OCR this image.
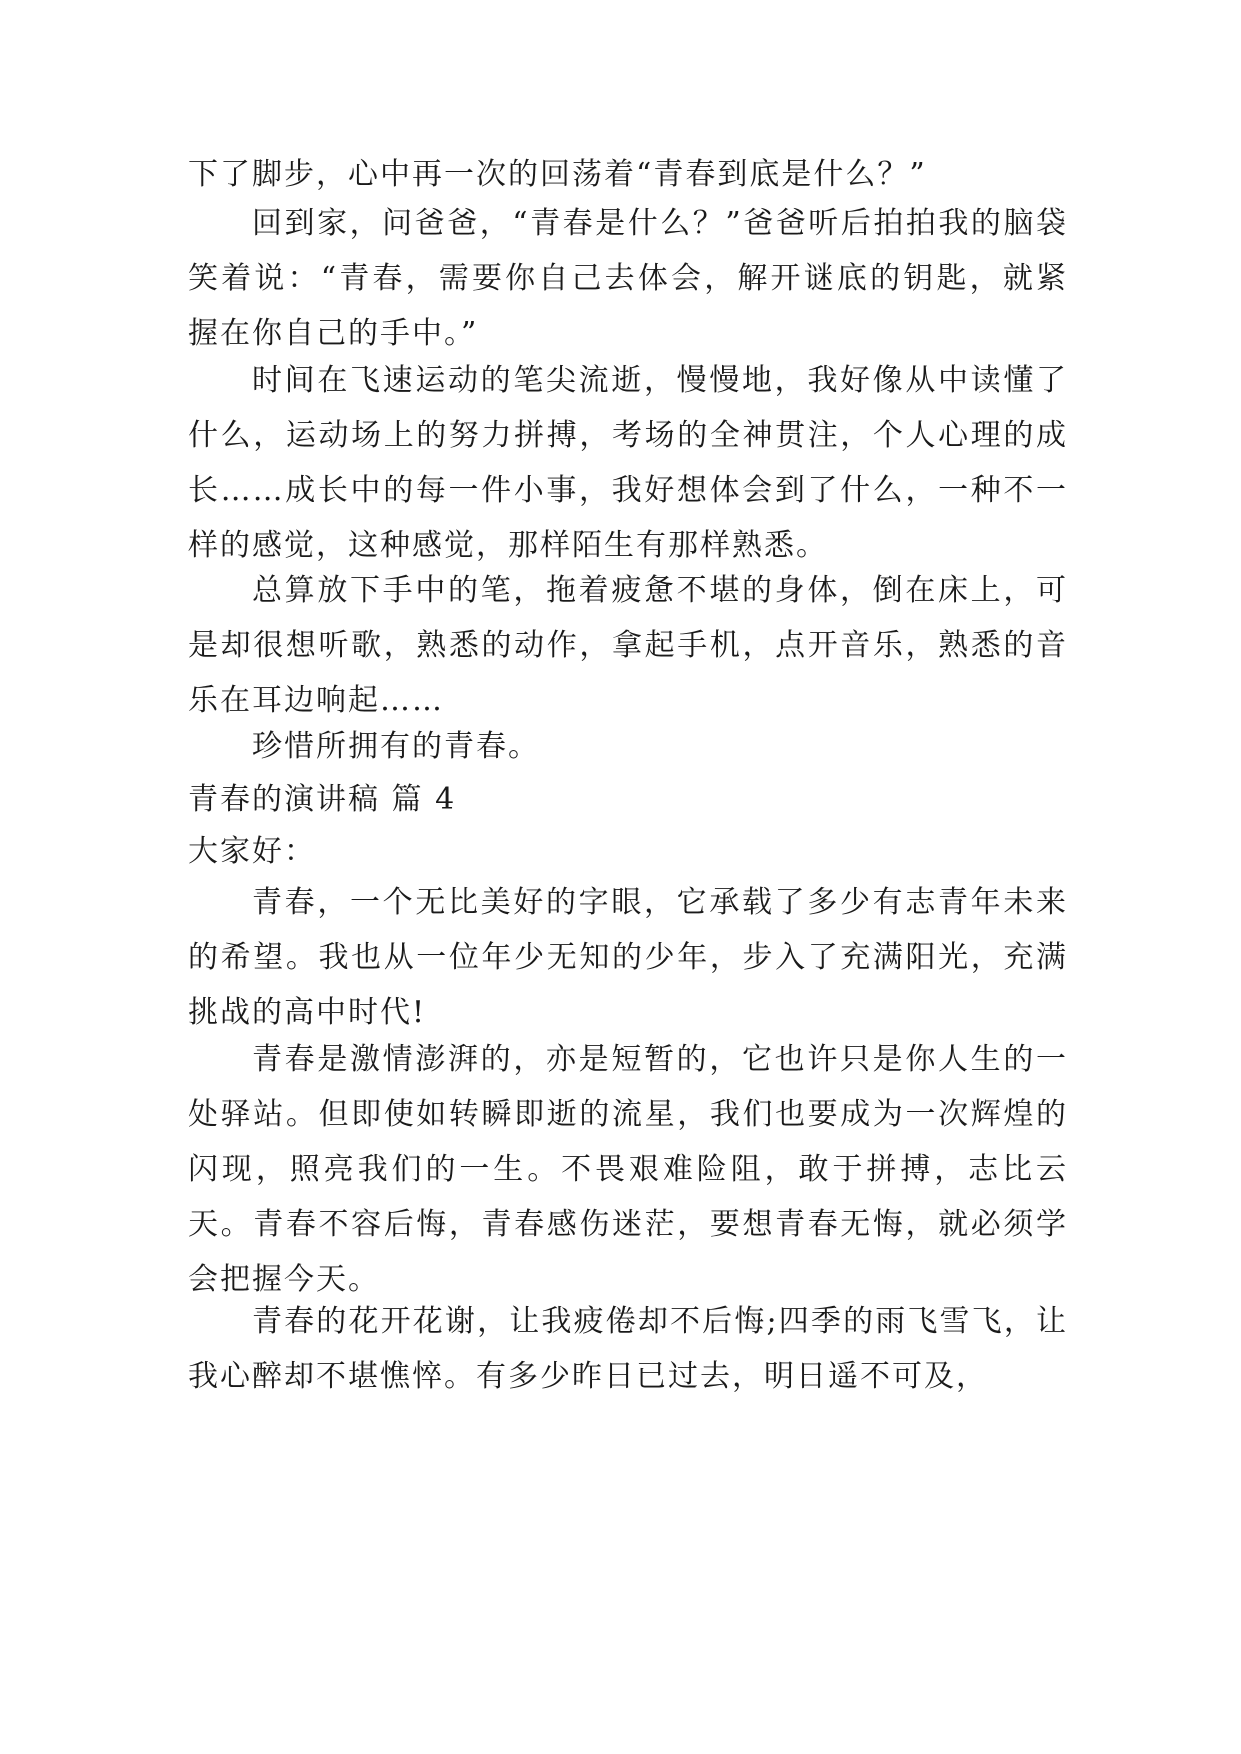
下了脚步，心中再一次的回荡着“青春到底是什么？”

回到家，问爸爸，“青春是什么？”爸爸听后拍拍我的脑袋笑着说：“青春，需要你自己去体会，解开谜底的钥匙，就紧握在你自己的手中。”

时间在飞速运动的笔尖流逝，慢慢地，我好像从中读懂了什么，运动场上的努力拼搏，考场的全神贯注，个人心理的成长……成长中的每一件小事，我好想体会到了什么，一种不一样的感觉，这种感觉，那样陌生有那样熟悉。

总算放下手中的笔，拖着疲惫不堪的身体，倒在床上，可是却很想听歌，熟悉的动作，拿起手机，点开音乐，熟悉的音乐在耳边响起……

珍惜所拥有的青春。

青春的演讲稿 篇 4

大家好：

青春，一个无比美好的字眼，它承载了多少有志青年未来的希望。我也从一位年少无知的少年，步入了充满阳光，充满挑战的高中时代!

青春是激情澎湃的，亦是短暂的，它也许只是你人生的一处驿站。但即使如转瞬即逝的流星，我们也要成为一次辉煌的闪现，照亮我们的一生。不畏艰难险阻，敢于拼搏，志比云天。青春不容后悔，青春感伤迷茫，要想青春无悔，就必须学会把握今天。

青春的花开花谢，让我疲倦却不后悔;四季的雨飞雪飞，让我心醉却不堪憔悴。有多少昨日已过去，明日遥不可及，
